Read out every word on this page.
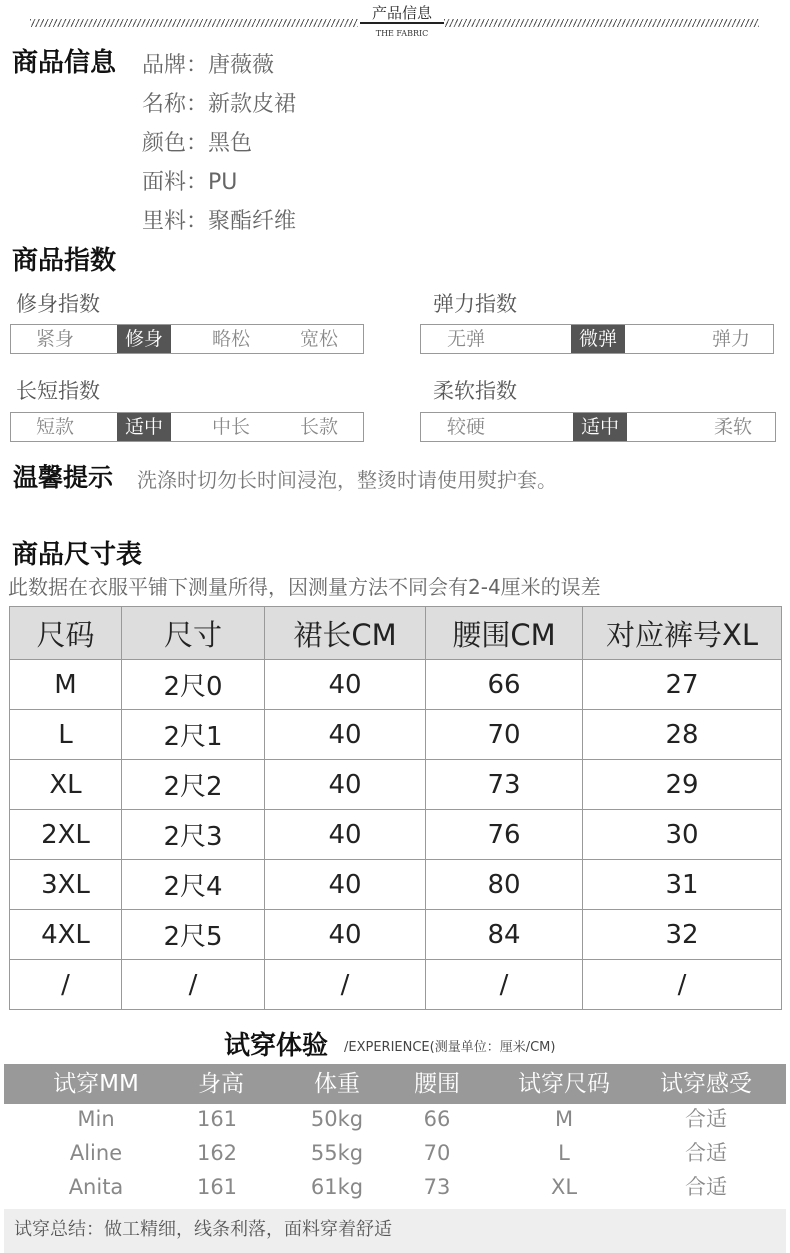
产品信息
THE FABRIC
商品信息 品牌：唐薇薇
名称：新款皮裙
颜色：黑色
面料：PU
里料：聚酯纤维
商品指数
修身指数
紧身	修身	略松	宽松
弹力指数
无弹	微弹	弹力
长短指数
短款	适中	中长	长款
柔软指数
较硬	适中	柔软
温馨提示 洗涤时切勿长时间浸泡，整烫时请使用熨护套。
商品尺寸表
此数据在衣服平铺下测量所得，因测量方法不同会有2-4厘米的误差
尺码	尺寸	裙长CM	腰围CM	对应裤号XL
M	2尺0	40	66	27
L	2尺1	40	70	28
XL	2尺2	40	73	29
2XL	2尺3	40	76	30
3XL	2尺4	40	80	31
4XL	2尺5	40	84	32
/	/	/	/	/
试穿体验 /EXPERIENCE(测量单位：厘米/CM)
试穿MM	身高	体重	腰围	试穿尺码	试穿感受
Min	161	50kg	66	M	合适
Aline	162	55kg	70	L	合适
Anita	161	61kg	73	XL	合适
试穿总结：做工精细，线条利落，面料穿着舒适
